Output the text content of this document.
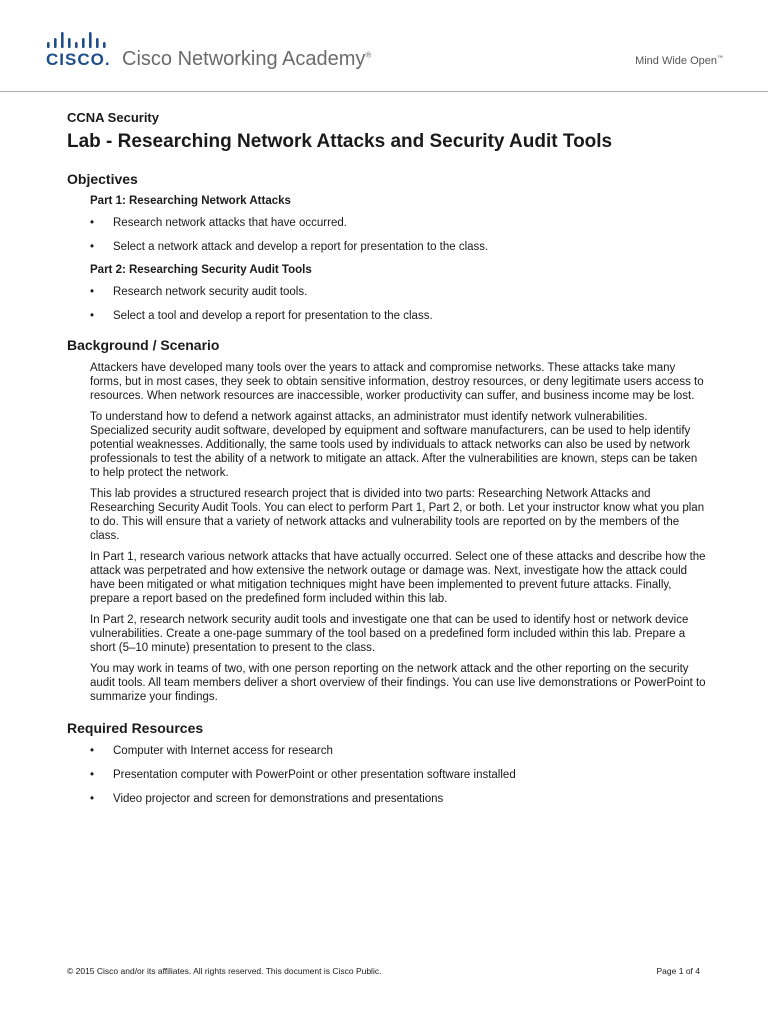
CISCO. Cisco Networking Academy®
Mind Wide Open™
CCNA Security
Lab - Researching Network Attacks and Security Audit Tools
Objectives
Part 1: Researching Network Attacks
• Research network attacks that have occurred.
• Select a network attack and develop a report for presentation to the class.
Part 2: Researching Security Audit Tools
• Research network security audit tools.
• Select a tool and develop a report for presentation to the class.
Background / Scenario

Attackers have developed many tools over the years to attack and compromise networks. These attacks take many forms, but in most cases, they seek to obtain sensitive information, destroy resources, or deny legitimate users access to resources. When network resources are inaccessible, worker productivity can suffer, and business income may be lost.

To understand how to defend a network against attacks, an administrator must identify network vulnerabilities. Specialized security audit software, developed by equipment and software manufacturers, can be used to help identify potential weaknesses. Additionally, the same tools used by individuals to attack networks can also be used by network professionals to test the ability of a network to mitigate an attack. After the vulnerabilities are known, steps can be taken to help protect the network.

This lab provides a structured research project that is divided into two parts: Researching Network Attacks and Researching Security Audit Tools. You can elect to perform Part 1, Part 2, or both. Let your instructor know what you plan to do. This will ensure that a variety of network attacks and vulnerability tools are reported on by the members of the class.

In Part 1, research various network attacks that have actually occurred. Select one of these attacks and describe how the attack was perpetrated and how extensive the network outage or damage was. Next, investigate how the attack could have been mitigated or what mitigation techniques might have been implemented to prevent future attacks. Finally, prepare a report based on the predefined form included within this lab.

In Part 2, research network security audit tools and investigate one that can be used to identify host or network device vulnerabilities. Create a one-page summary of the tool based on a predefined form included within this lab. Prepare a short (5–10 minute) presentation to present to the class.

You may work in teams of two, with one person reporting on the network attack and the other reporting on the security audit tools. All team members deliver a short overview of their findings. You can use live demonstrations or PowerPoint to summarize your findings.

Required Resources
• Computer with Internet access for research
• Presentation computer with PowerPoint or other presentation software installed
• Video projector and screen for demonstrations and presentations
© 2015 Cisco and/or its affiliates. All rights reserved. This document is Cisco Public.	Page 1 of 4
